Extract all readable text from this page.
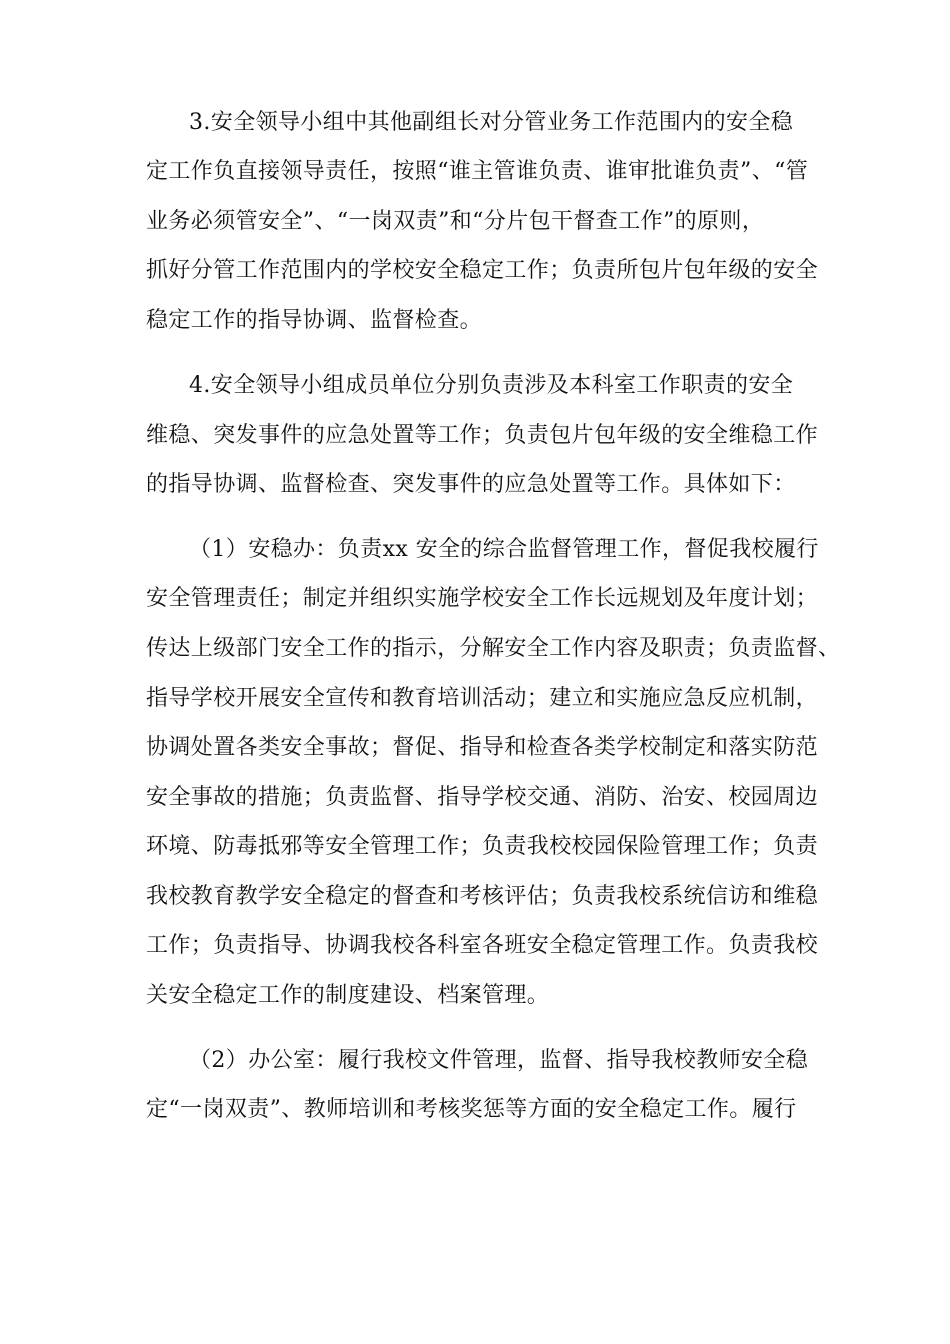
3.安全领导小组中其他副组长对分管业务工作范围内的安全稳
定工作负直接领导责任，按照“谁主管谁负责、谁审批谁负责”、“管
业务必须管安全”、“一岗双责”和“分片包干督查工作”的原则，
抓好分管工作范围内的学校安全稳定工作；负责所包片包年级的安全
稳定工作的指导协调、监督检查。
4.安全领导小组成员单位分别负责涉及本科室工作职责的安全
维稳、突发事件的应急处置等工作；负责包片包年级的安全维稳工作
的指导协调、监督检查、突发事件的应急处置等工作。具体如下：
（1）安稳办：负责xx 安全的综合监督管理工作，督促我校履行
安全管理责任；制定并组织实施学校安全工作长远规划及年度计划；
传达上级部门安全工作的指示，分解安全工作内容及职责；负责监督、
指导学校开展安全宣传和教育培训活动；建立和实施应急反应机制，
协调处置各类安全事故；督促、指导和检查各类学校制定和落实防范
安全事故的措施；负责监督、指导学校交通、消防、治安、校园周边
环境、防毒抵邪等安全管理工作；负责我校校园保险管理工作；负责
我校教育教学安全稳定的督查和考核评估；负责我校系统信访和维稳
工作；负责指导、协调我校各科室各班安全稳定管理工作。负责我校
关安全稳定工作的制度建设、档案管理。
（2）办公室：履行我校文件管理，监督、指导我校教师安全稳
定“一岗双责”、教师培训和考核奖惩等方面的安全稳定工作。履行
